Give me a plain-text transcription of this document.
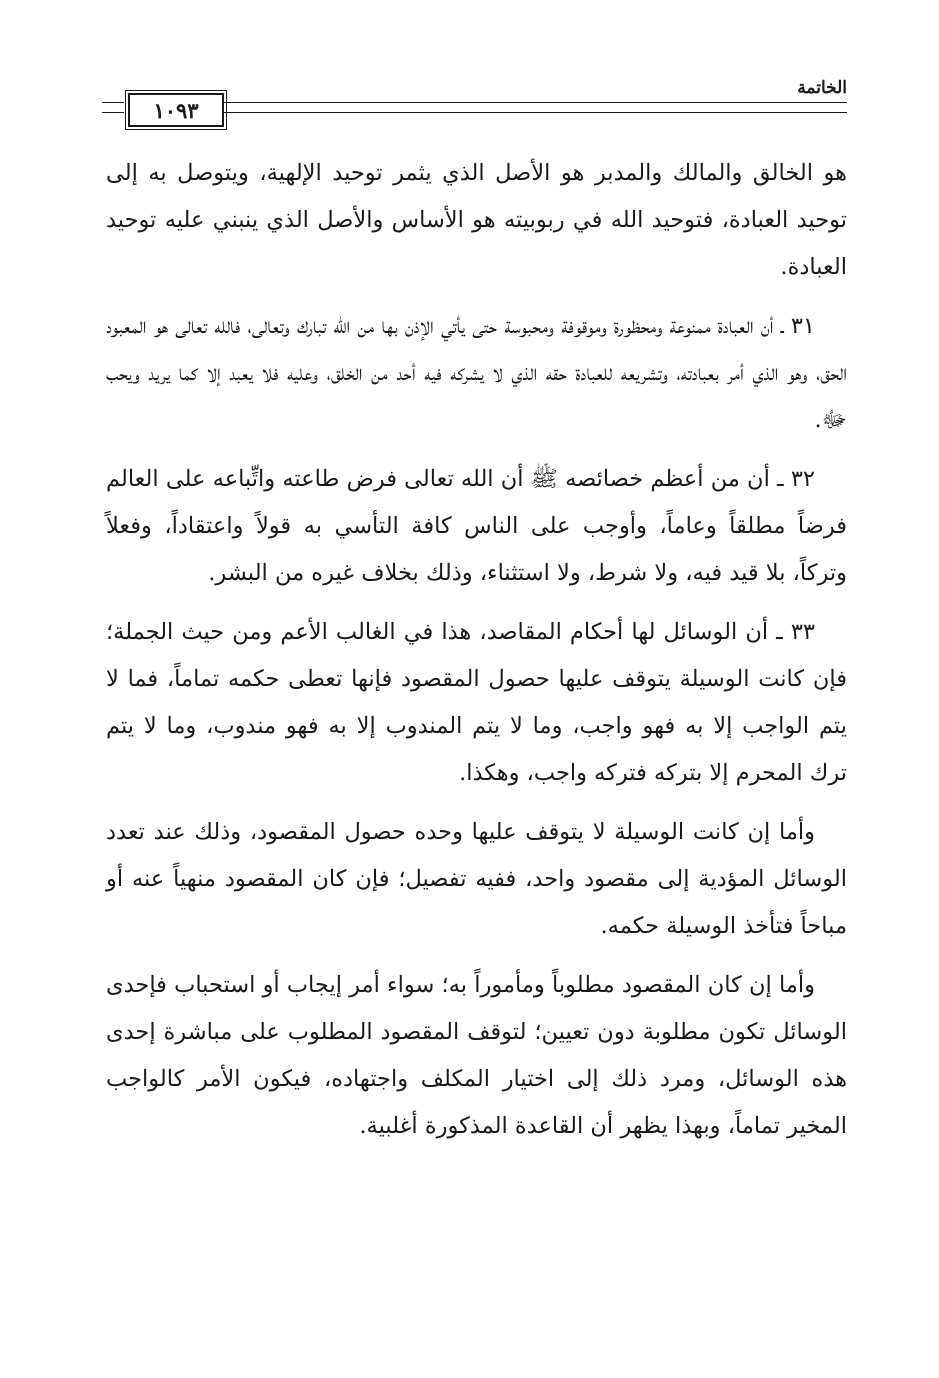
الخاتمة
١٠٩٣

هو الخالق والمالك والمدبر هو الأصل الذي يثمر توحيد الإلهية، ويتوصل به إلى توحيد العبادة، فتوحيد الله في ربوبيته هو الأساس والأصل الذي ينبني عليه توحيد العبادة.

٣١ ـ أن العبادة ممنوعة ومحظورة وموقوفة ومحبوسة حتى يأتي الإذن بها من الله تبارك وتعالى، فالله تعالى هو المعبود الحق، وهو الذي أمر بعبادته، وتشريعه للعبادة حقه الذي لا يشركه فيه أحد من الخلق، وعليه فلا يعبد إلا كما يريد ويحب ﷻ.

٣٢ ـ أن من أعظم خصائصه ﷺ أن الله تعالى فرض طاعته واتِّباعه على العالم فرضاً مطلقاً وعاماً، وأوجب على الناس كافة التأسي به قولاً واعتقاداً، وفعلاً وتركاً، بلا قيد فيه، ولا شرط، ولا استثناء، وذلك بخلاف غيره من البشر.

٣٣ ـ أن الوسائل لها أحكام المقاصد، هذا في الغالب الأعم ومن حيث الجملة؛ فإن كانت الوسيلة يتوقف عليها حصول المقصود فإنها تعطى حكمه تماماً، فما لا يتم الواجب إلا به فهو واجب، وما لا يتم المندوب إلا به فهو مندوب، وما لا يتم ترك المحرم إلا بتركه فتركه واجب، وهكذا.

وأما إن كانت الوسيلة لا يتوقف عليها وحده حصول المقصود، وذلك عند تعدد الوسائل المؤدية إلى مقصود واحد، ففيه تفصيل؛ فإن كان المقصود منهياً عنه أو مباحاً فتأخذ الوسيلة حكمه.

وأما إن كان المقصود مطلوباً ومأموراً به؛ سواء أمر إيجاب أو استحباب فإحدى الوسائل تكون مطلوبة دون تعيين؛ لتوقف المقصود المطلوب على مباشرة إحدى هذه الوسائل، ومرد ذلك إلى اختيار المكلف واجتهاده، فيكون الأمر كالواجب المخير تماماً، وبهذا يظهر أن القاعدة المذكورة أغلبية.
